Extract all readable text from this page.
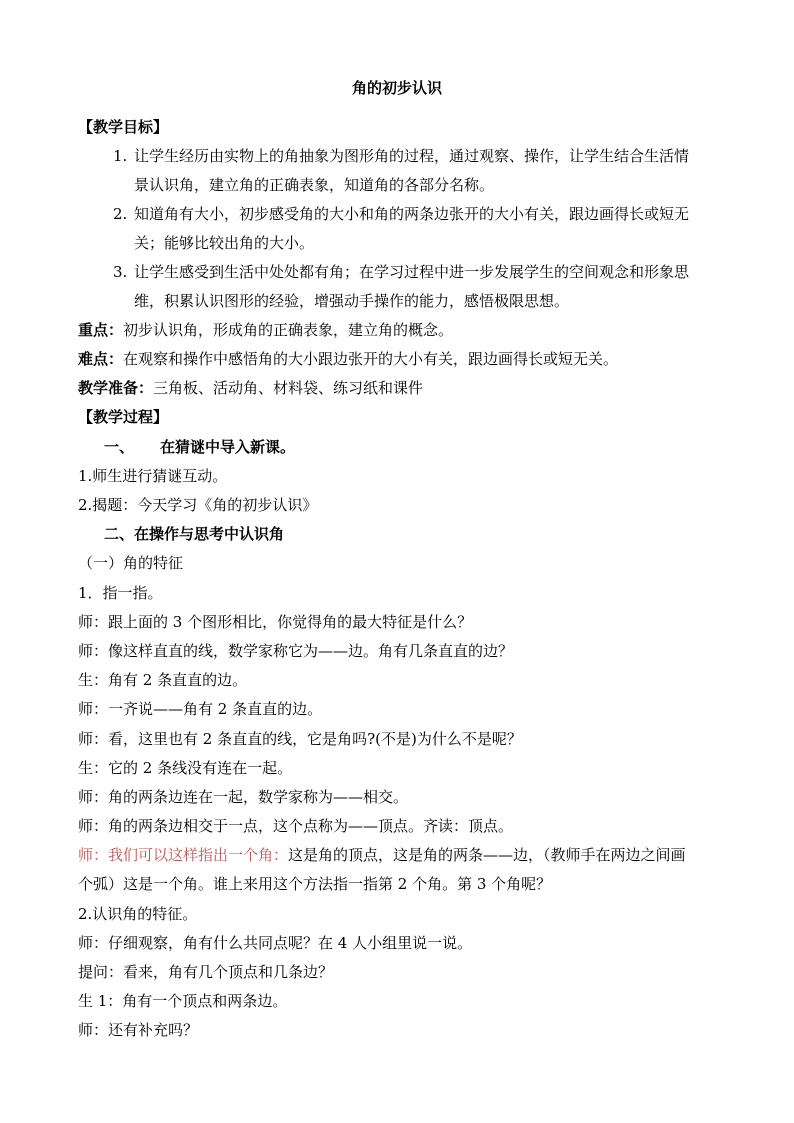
角的初步认识
【教学目标】
1. 让学生经历由实物上的角抽象为图形角的过程，通过观察、操作，让学生结合生活情
景认识角，建立角的正确表象，知道角的各部分名称。
2. 知道角有大小，初步感受角的大小和角的两条边张开的大小有关，跟边画得长或短无
关；能够比较出角的大小。
3. 让学生感受到生活中处处都有角；在学习过程中进一步发展学生的空间观念和形象思
维，积累认识图形的经验，增强动手操作的能力，感悟极限思想。
重点：初步认识角，形成角的正确表象，建立角的概念。
难点：在观察和操作中感悟角的大小跟边张开的大小有关，跟边画得长或短无关。
教学准备：三角板、活动角、材料袋、练习纸和课件
【教学过程】
一、 在猜谜中导入新课。
1.师生进行猜谜互动。
2.揭题：今天学习《角的初步认识》
二、在操作与思考中认识角
（一）角的特征
1．指一指。
师：跟上面的 3 个图形相比，你觉得角的最大特征是什么？
师：像这样直直的线，数学家称它为——边。角有几条直直的边？
生：角有 2 条直直的边。
师：一齐说——角有 2 条直直的边。
师：看，这里也有 2 条直直的线，它是角吗?(不是)为什么不是呢？
生：它的 2 条线没有连在一起。
师：角的两条边连在一起，数学家称为——相交。
师：角的两条边相交于一点，这个点称为——顶点。齐读：顶点。
师：我们可以这样指出一个角：这是角的顶点，这是角的两条——边，（教师手在两边之间画
个弧）这是一个角。谁上来用这个方法指一指第 2 个角。第 3 个角呢？
2.认识角的特征。
师：仔细观察，角有什么共同点呢？在 4 人小组里说一说。
提问：看来，角有几个顶点和几条边？
生 1：角有一个顶点和两条边。
师：还有补充吗？
